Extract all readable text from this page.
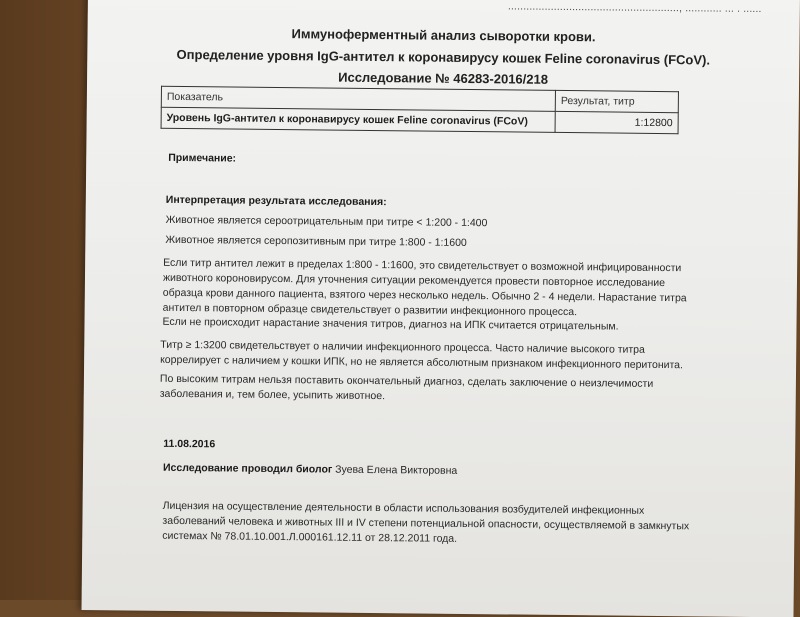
........................................................, ............ ... . ......
Иммуноферментный анализ сыворотки крови.
Определение уровня IgG-антител к коронавирусу кошек Feline coronavirus (FCoV).
Исследование № 46283-2016/218
Показатель	Результат, титр
Уровень IgG-антител к коронавирусу кошек Feline coronavirus (FCoV)	1:12800
Примечание:
Интерпретация результата исследования:
Животное является сероотрицательным при титре < 1:200 - 1:400
Животное является серопозитивным при титре 1:800 - 1:1600
Если титр антител лежит в пределах 1:800 - 1:1600, это свидетельствует о возможной инфицированности животного короновирусом. Для уточнения ситуации рекомендуется провести повторное исследование образца крови данного пациента, взятого через несколько недель. Обычно 2 - 4 недели. Нарастание титра антител в повторном образце свидетельствует о развитии инфекционного процесса.
Если не происходит нарастание значения титров, диагноз на ИПК считается отрицательным.
Титр ≥ 1:3200 свидетельствует о наличии инфекционного процесса. Часто наличие высокого титра коррелирует с наличием у кошки ИПК, но не является абсолютным признаком инфекционного перитонита.
По высоким титрам нельзя поставить окончательный диагноз, сделать заключение о неизлечимости заболевания и, тем более, усыпить животное.
11.08.2016
Исследование проводил биолог Зуева Елена Викторовна
Лицензия на осуществление деятельности в области использования возбудителей инфекционных заболеваний человека и животных III и IV степени потенциальной опасности, осуществляемой в замкнутых системах № 78.01.10.001.Л.000161.12.11 от 28.12.2011 года.
